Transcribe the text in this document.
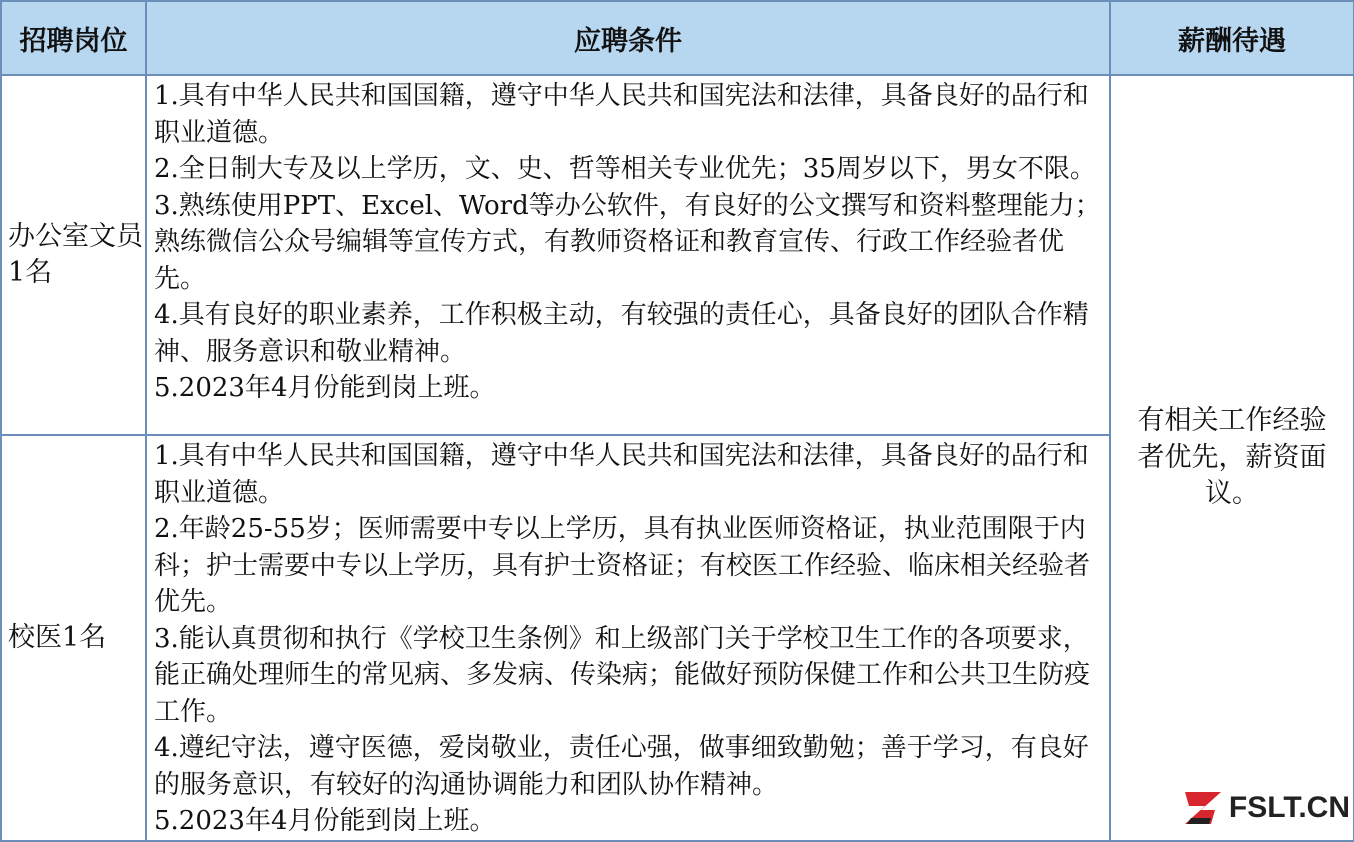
招聘岗位	应聘条件	薪酬待遇
办公室文员1名	1.具有中华人民共和国国籍，遵守中华人民共和国宪法和法律，具备良好的品行和职业道德。
2.全日制大专及以上学历，文、史、哲等相关专业优先；35周岁以下，男女不限。
3.熟练使用PPT、Excel、Word等办公软件，有良好的公文撰写和资料整理能力；熟练微信公众号编辑等宣传方式，有教师资格证和教育宣传、行政工作经验者优先。
4.具有良好的职业素养，工作积极主动，有较强的责任心，具备良好的团队合作精神、服务意识和敬业精神。
5.2023年4月份能到岗上班。	有相关工作经验者优先，薪资面议。
校医1名	1.具有中华人民共和国国籍，遵守中华人民共和国宪法和法律，具备良好的品行和职业道德。
2.年龄25-55岁；医师需要中专以上学历，具有执业医师资格证，执业范围限于内科；护士需要中专以上学历，具有护士资格证；有校医工作经验、临床相关经验者优先。
3.能认真贯彻和执行《学校卫生条例》和上级部门关于学校卫生工作的各项要求，能正确处理师生的常见病、多发病、传染病；能做好预防保健工作和公共卫生防疫工作。
4.遵纪守法，遵守医德，爱岗敬业，责任心强，做事细致勤勉；善于学习，有良好的服务意识，有较好的沟通协调能力和团队协作精神。
5.2023年4月份能到岗上班。		FSLT.CN
